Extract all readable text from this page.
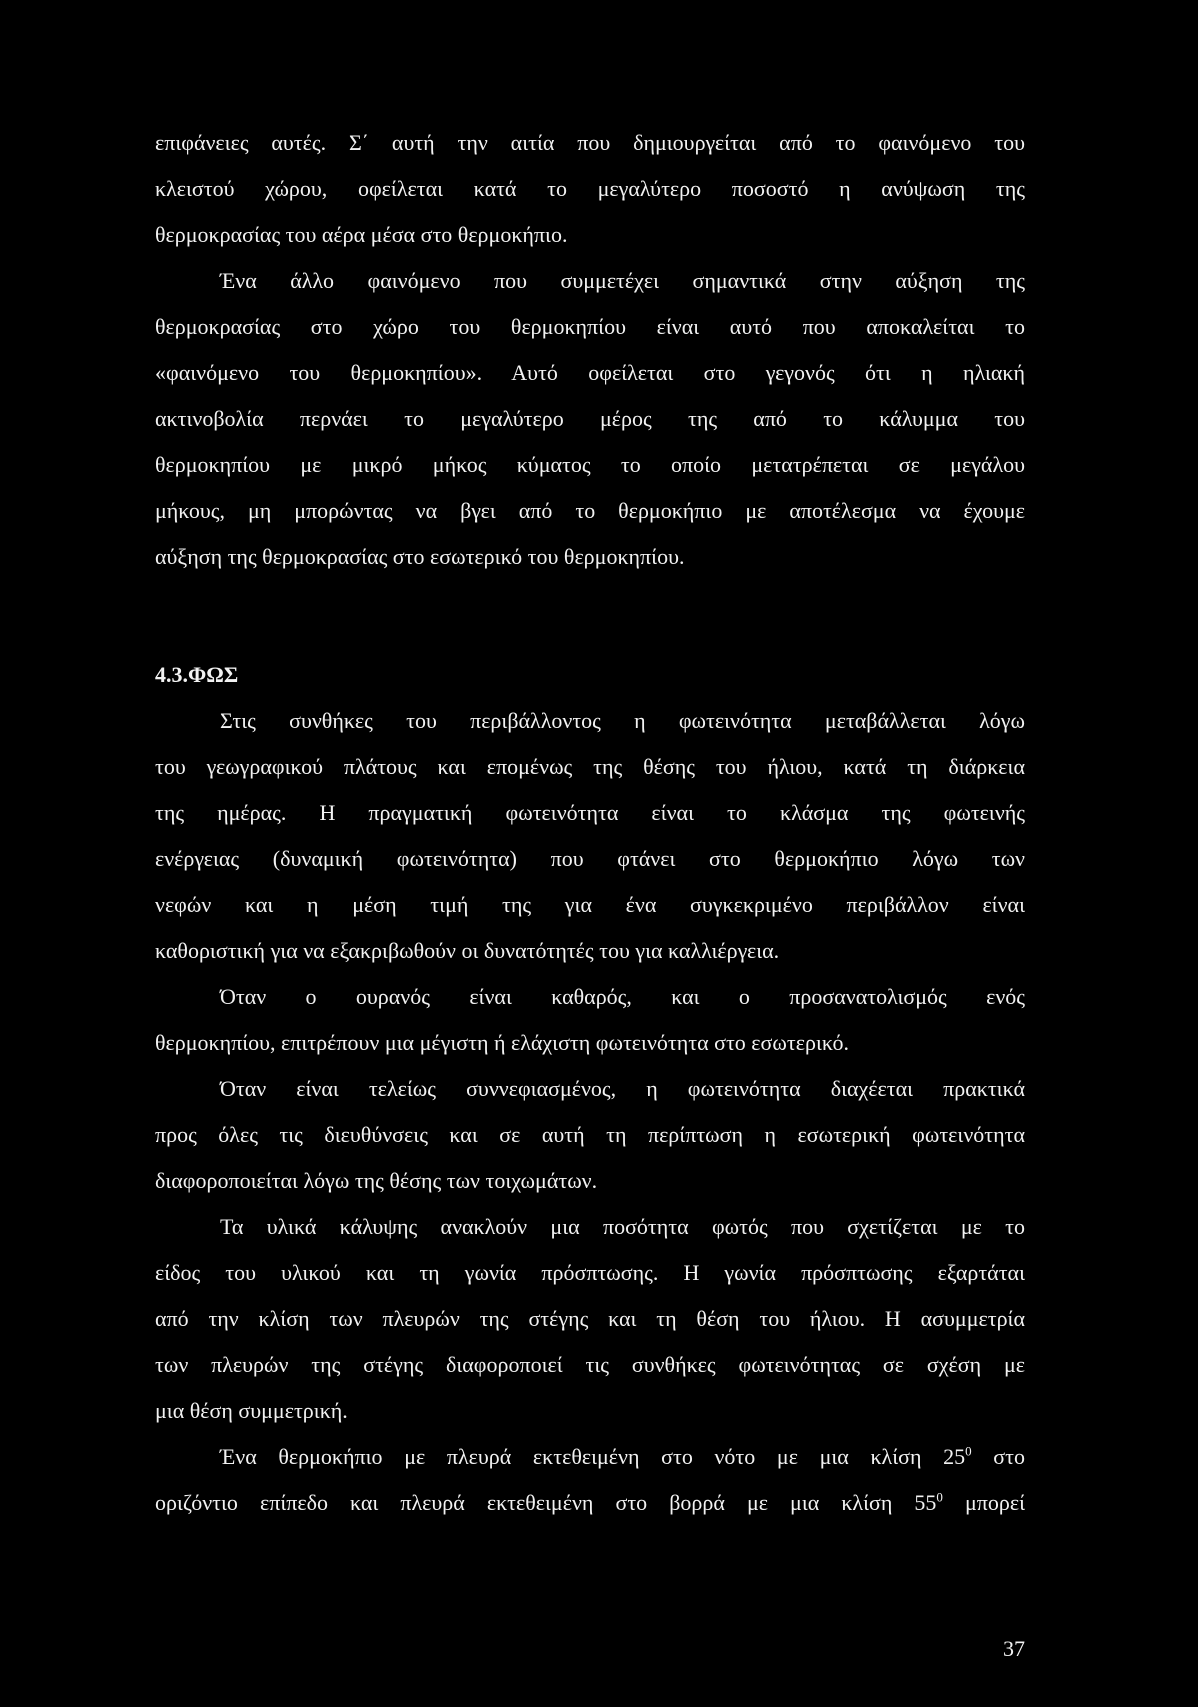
επιφάνειες αυτές. Σ΄ αυτή την αιτία που δημιουργείται από το φαινόμενο του
κλειστού χώρου, οφείλεται κατά το μεγαλύτερο ποσοστό η ανύψωση της
θερμοκρασίας του αέρα μέσα στο θερμοκήπιο.
Ένα άλλο φαινόμενο που συμμετέχει σημαντικά στην αύξηση της
θερμοκρασίας στο χώρο του θερμοκηπίου είναι αυτό που αποκαλείται το
«φαινόμενο του θερμοκηπίου». Αυτό οφείλεται στο γεγονός ότι η ηλιακή
ακτινοβολία περνάει το μεγαλύτερο μέρος της από το κάλυμμα του
θερμοκηπίου με μικρό μήκος κύματος το οποίο μετατρέπεται σε μεγάλου
μήκους, μη μπορώντας να βγει από το θερμοκήπιο με αποτέλεσμα να έχουμε
αύξηση της θερμοκρασίας στο εσωτερικό του θερμοκηπίου.
4.3.ΦΩΣ
Στις συνθήκες του περιβάλλοντος η φωτεινότητα μεταβάλλεται λόγω
του γεωγραφικού πλάτους και επομένως της θέσης του ήλιου, κατά τη διάρκεια
της ημέρας. Η πραγματική φωτεινότητα είναι το κλάσμα της φωτεινής
ενέργειας (δυναμική φωτεινότητα) που φτάνει στο θερμοκήπιο λόγω των
νεφών και η μέση τιμή της για ένα συγκεκριμένο περιβάλλον είναι
καθοριστική για να εξακριβωθούν οι δυνατότητές του για καλλιέργεια.
Όταν ο ουρανός είναι καθαρός, και ο προσανατολισμός ενός
θερμοκηπίου, επιτρέπουν μια μέγιστη ή ελάχιστη φωτεινότητα στο εσωτερικό.
Όταν είναι τελείως συννεφιασμένος, η φωτεινότητα διαχέεται πρακτικά
προς όλες τις διευθύνσεις και σε αυτή τη περίπτωση η εσωτερική φωτεινότητα
διαφοροποιείται λόγω της θέσης των τοιχωμάτων.
Τα υλικά κάλυψης ανακλούν μια ποσότητα φωτός που σχετίζεται με το
είδος του υλικού και τη γωνία πρόσπτωσης. Η γωνία πρόσπτωσης εξαρτάται
από την κλίση των πλευρών της στέγης και τη θέση του ήλιου. Η ασυμμετρία
των πλευρών της στέγης διαφοροποιεί τις συνθήκες φωτεινότητας σε σχέση με
μια θέση συμμετρική.
Ένα θερμοκήπιο με πλευρά εκτεθειμένη στο νότο με μια κλίση $25^0$ στο
οριζόντιο επίπεδο και πλευρά εκτεθειμένη στο βορρά με μια κλίση $55^0$ μπορεί
37
